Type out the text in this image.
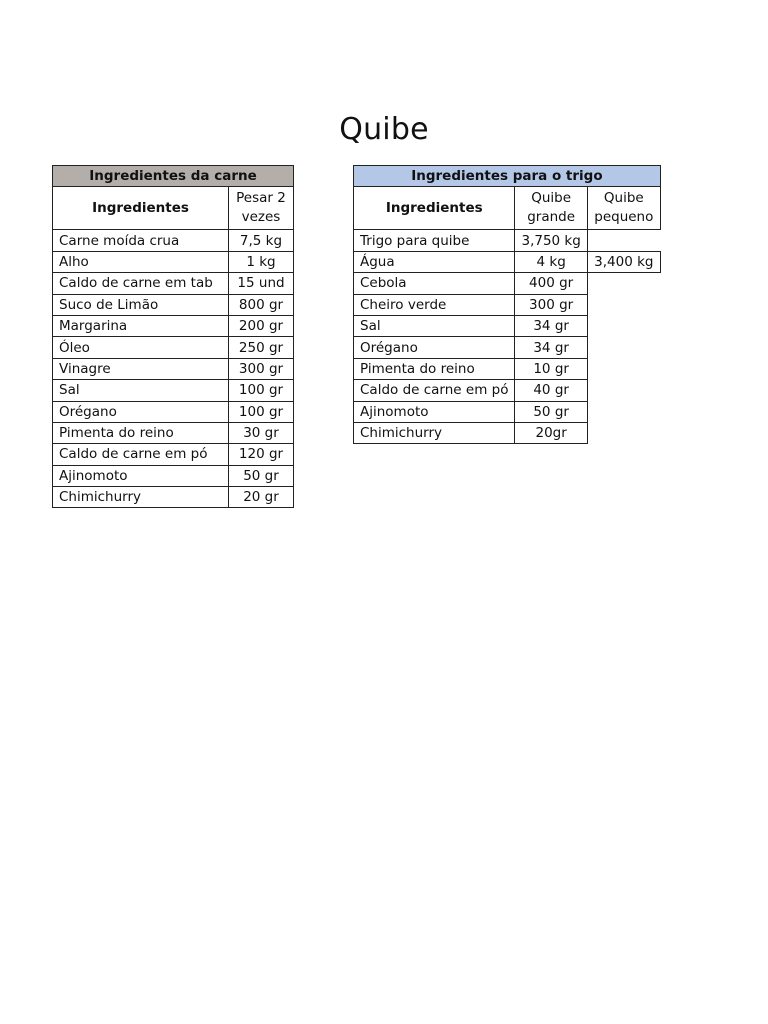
Quibe
Ingredientes da carne	
Ingredientes	Pesar 2 vezes

Carne moída crua	7,5 kg
Alho	1 kg
Caldo de carne em tab	15 und
Suco de Limão	800 gr
Margarina	200 gr
Óleo	250 gr
Vinagre	300 gr
Sal	100 gr
Orégano	100 gr
Pimenta do reino	30 gr
Caldo de carne em pó	120 gr
Ajinomoto	50 gr
Chimichurry	20 gr
Ingredientes para o trigo		
Ingredientes	Quibe grande	Quibe pequeno

Trigo para quibe	3,750 kg	
Água	4 kg	3,400 kg
Cebola	400 gr	
Cheiro verde	300 gr	
Sal	34 gr	
Orégano	34 gr	
Pimenta do reino	10 gr	
Caldo de carne em pó	40 gr	
Ajinomoto	50 gr	
Chimichurry	20gr	
